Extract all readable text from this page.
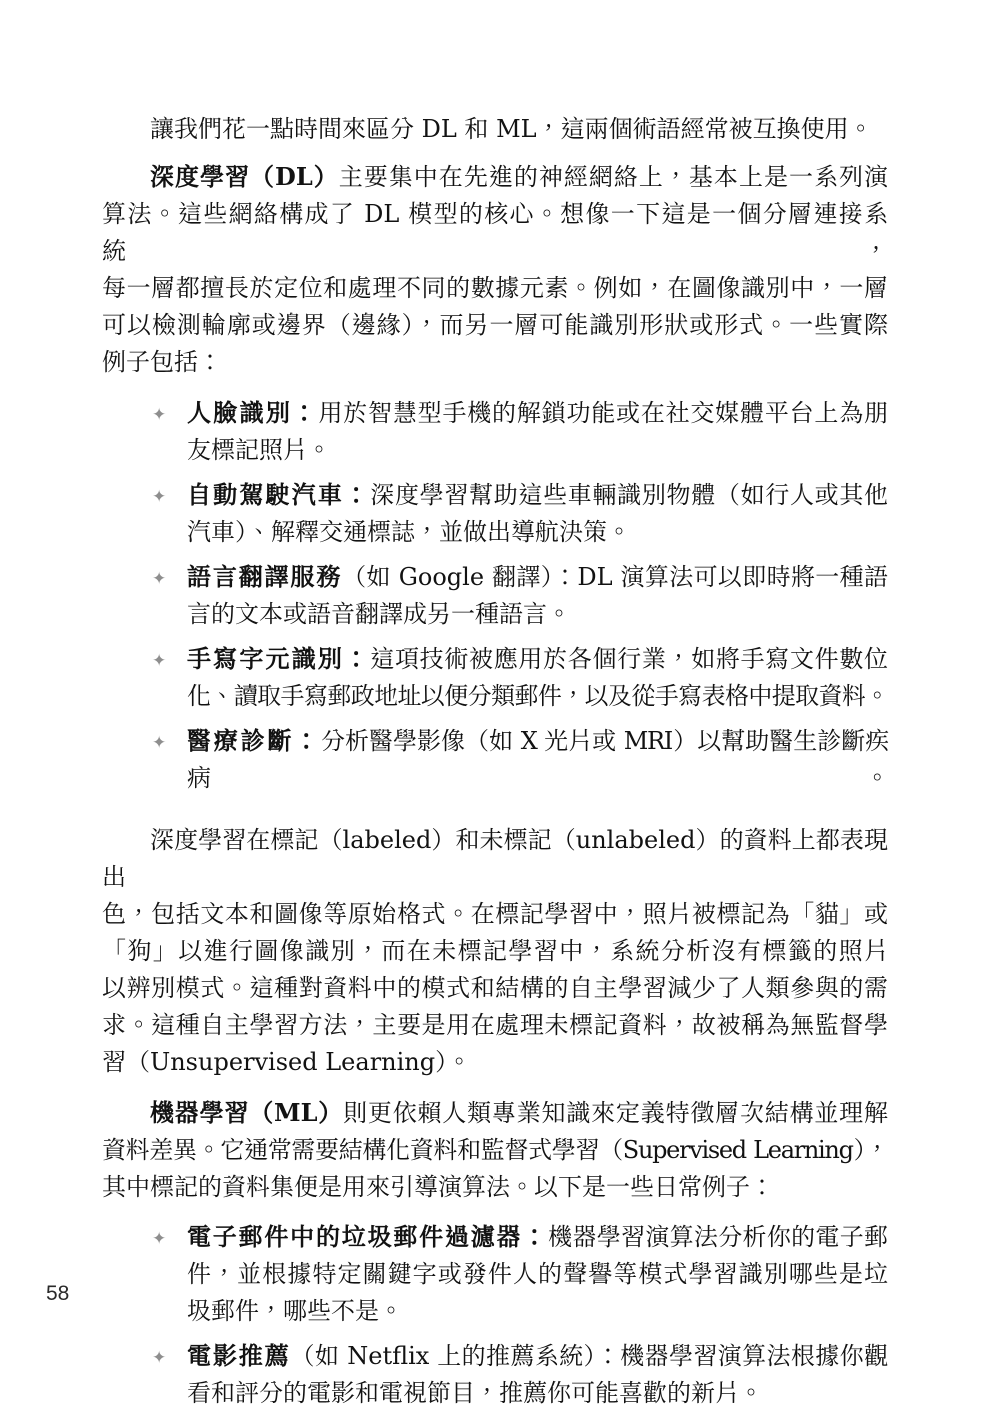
讓我們花一點時間來區分 DL 和 ML，這兩個術語經常被互換使用。
深度學習（DL）主要集中在先進的神經網絡上，基本上是一系列演
算法。這些網絡構成了 DL 模型的核心。想像一下這是一個分層連接系統，
每一層都擅長於定位和處理不同的數據元素。例如，在圖像識別中，一層
可以檢測輪廓或邊界（邊緣），而另一層可能識別形狀或形式。一些實際
例子包括：
✦ 人臉識別：用於智慧型手機的解鎖功能或在社交媒體平台上為朋
友標記照片。
✦ 自動駕駛汽車：深度學習幫助這些車輛識別物體（如行人或其他
汽車）、解釋交通標誌，並做出導航決策。
✦ 語言翻譯服務（如 Google 翻譯）：DL 演算法可以即時將一種語
言的文本或語音翻譯成另一種語言。
✦ 手寫字元識別：這項技術被應用於各個行業，如將手寫文件數位
化、讀取手寫郵政地址以便分類郵件，以及從手寫表格中提取資料。
✦ 醫療診斷：分析醫學影像（如 X 光片或 MRI）以幫助醫生診斷疾病。
深度學習在標記（labeled）和未標記（unlabeled）的資料上都表現出
色，包括文本和圖像等原始格式。在標記學習中，照片被標記為「貓」或
「狗」以進行圖像識別，而在未標記學習中，系統分析沒有標籤的照片
以辨別模式。這種對資料中的模式和結構的自主學習減少了人類參與的需
求。這種自主學習方法，主要是用在處理未標記資料，故被稱為無監督學
習（Unsupervised Learning）。
機器學習（ML）則更依賴人類專業知識來定義特徵層次結構並理解
資料差異。它通常需要結構化資料和監督式學習（Supervised Learning），
其中標記的資料集便是用來引導演算法。以下是一些日常例子：
✦ 電子郵件中的垃圾郵件過濾器：機器學習演算法分析你的電子郵
件，並根據特定關鍵字或發件人的聲譽等模式學習識別哪些是垃
圾郵件，哪些不是。
✦ 電影推薦（如 Netflix 上的推薦系統）：機器學習演算法根據你觀
看和評分的電影和電視節目，推薦你可能喜歡的新片。
58
